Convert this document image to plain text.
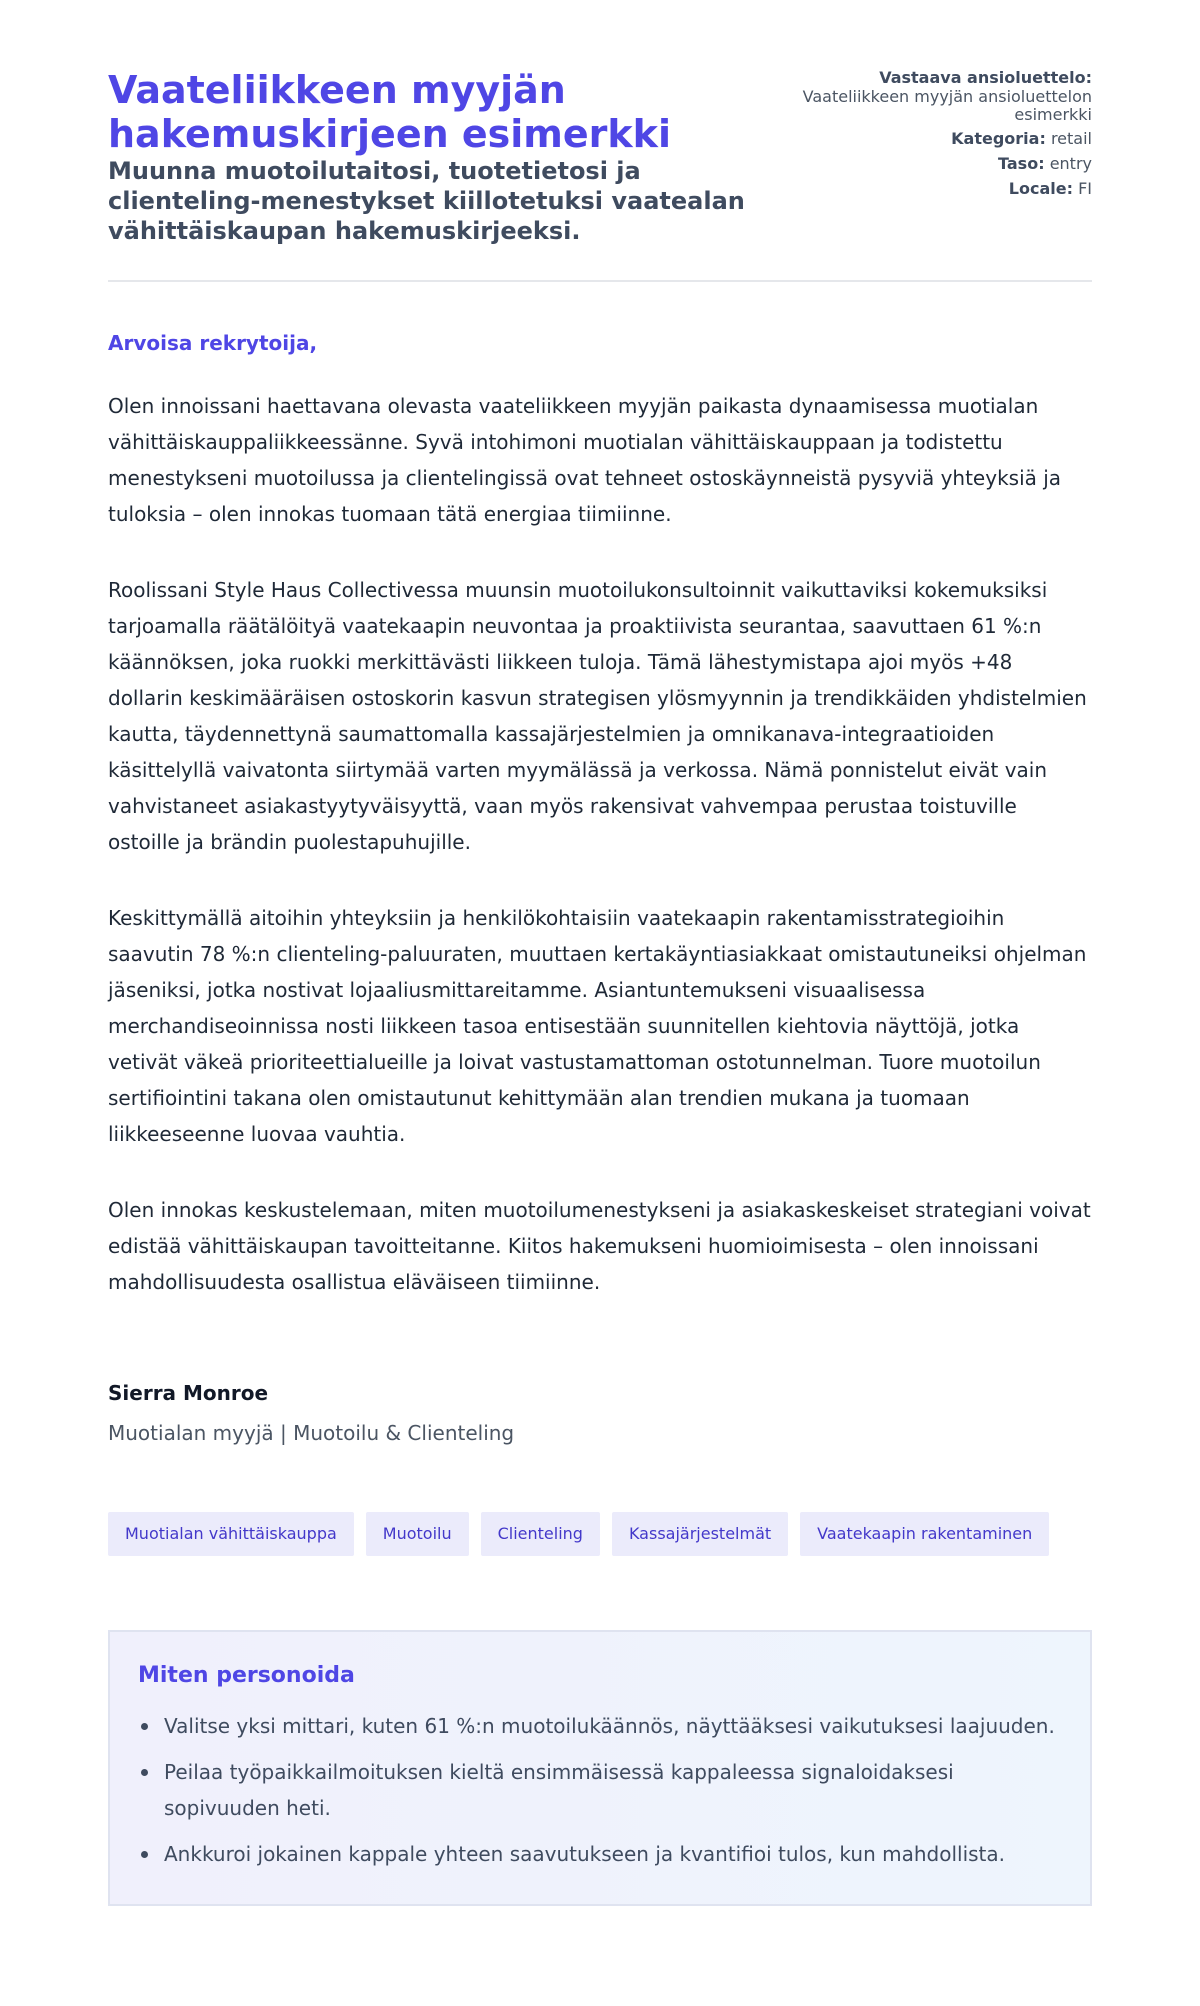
Vaateliikkeen myyjän hakemuskirjeen esimerkki
Muunna muotoilutaitosi, tuotetietosi ja clienteling-menestykset kiillotetuksi vaatealan vähittäiskaupan hakemuskirjeeksi.
Vastaava ansioluettelo:
Vaateliikkeen myyjän ansioluettelon esimerkki
Kategoria: retail
Taso: entry
Locale: FI
Arvoisa rekrytoija,

Olen innoissani haettavana olevasta vaateliikkeen myyjän paikasta dynaamisessa muotialan vähittäiskauppaliikkeessänne. Syvä intohimoni muotialan vähittäiskauppaan ja todistettu menestykseni muotoilussa ja clientelingissä ovat tehneet ostoskäynneistä pysyviä yhteyksiä ja tuloksia – olen innokas tuomaan tätä energiaa tiimiinne.

Roolissani Style Haus Collectivessa muunsin muotoilukonsultoinnit vaikuttaviksi kokemuksiksi tarjoamalla räätälöityä vaatekaapin neuvontaa ja proaktiivista seurantaa, saavuttaen 61 %:n käännöksen, joka ruokki merkittävästi liikkeen tuloja. Tämä lähestymistapa ajoi myös +48 dollarin keskimääräisen ostoskorin kasvun strategisen ylösmyynnin ja trendikkäiden yhdistelmien kautta, täydennettynä saumattomalla kassajärjestelmien ja omnikanava-integraatioiden käsittelyllä vaivatonta siirtymää varten myymälässä ja verkossa. Nämä ponnistelut eivät vain vahvistaneet asiakastyytyväisyyttä, vaan myös rakensivat vahvempaa perustaa toistuville ostoille ja brändin puolestapuhujille.

Keskittymällä aitoihin yhteyksiin ja henkilökohtaisiin vaatekaapin rakentamisstrategioihin saavutin 78 %:n clienteling-paluuraten, muuttaen kertakäyntiasiakkaat omistautuneiksi ohjelman jäseniksi, jotka nostivat lojaaliusmittareitamme. Asiantuntemukseni visuaalisessa merchandiseoinnissa nosti liikkeen tasoa entisestään suunnitellen kiehtovia näyttöjä, jotka vetivät väkeä prioriteettialueille ja loivat vastustamattoman ostotunnelman. Tuore muotoilun sertifiointini takana olen omistautunut kehittymään alan trendien mukana ja tuomaan liikkeeseenne luovaa vauhtia.

Olen innokas keskustelemaan, miten muotoilumenestykseni ja asiakaskeskeiset strategiani voivat edistää vähittäiskaupan tavoitteitanne. Kiitos hakemukseni huomioimisesta – olen innoissani mahdollisuudesta osallistua eläväiseen tiimiinne.

Sierra Monroe
Muotialan myyjä | Muotoilu & Clienteling
Muotialan vähittäiskauppa	Muotoilu	Clienteling	Kassajärjestelmät	Vaatekaapin rakentaminen
Miten personoida
Valitse yksi mittari, kuten 61 %:n muotoilukäännös, näyttääksesi vaikutuksesi laajuuden.
Peilaa työpaikkailmoituksen kieltä ensimmäisessä kappaleessa signaloidaksesi sopivuuden heti.
Ankkuroi jokainen kappale yhteen saavutukseen ja kvantifioi tulos, kun mahdollista.
